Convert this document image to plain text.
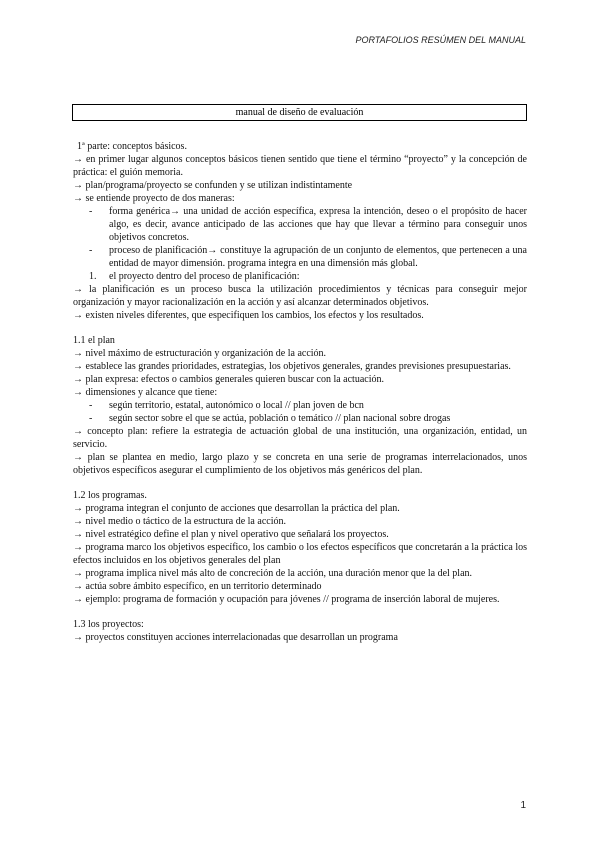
PORTAFOLIOS RESÚMEN DEL MANUAL
manual de diseño de evaluación

1ª parte: conceptos básicos.

→ en primer lugar algunos conceptos básicos tienen sentido que tiene el término “proyecto” y la concepción de práctica: el guión memoria.

→ plan/programa/proyecto se confunden y se utilizan indistintamente

→ se entiende proyecto de dos maneras:

- forma genérica→ una unidad de acción específica, expresa la intención, deseo o el propósito de hacer algo, es decir, avance anticipado de las acciones que hay que llevar a término para conseguir unos objetivos concretos.
- proceso de planificación→ constituye la agrupación de un conjunto de elementos, que pertenecen a una entidad de mayor dimensión. programa integra en una dimensión más global.
1. el proyecto dentro del proceso de planificación:

→ la planificación es un proceso busca la utilización procedimientos y técnicas para conseguir mejor organización y mayor racionalización en la acción y así alcanzar determinados objetivos.

→ existen niveles diferentes, que especifiquen los cambios, los efectos y los resultados.

1.1 el plan

→ nivel máximo de estructuración y organización de la acción.

→ establece las grandes prioridades, estrategias, los objetivos generales, grandes previsiones presupuestarias.

→ plan expresa: efectos o cambios generales quieren buscar con la actuación.

→ dimensiones y alcance que tiene:

- según territorio, estatal, autonómico o local // plan joven de bcn
- según sector sobre el que se actúa, población o temático // plan nacional sobre drogas

→ concepto plan: refiere la estrategia de actuación global de una institución, una organización, entidad, un servicio.

→ plan se plantea en medio, largo plazo y se concreta en una serie de programas interrelacionados, unos objetivos específicos asegurar el cumplimiento de los objetivos más genéricos del plan.

1.2 los programas.

→ programa integran el conjunto de acciones que desarrollan la práctica del plan.

→ nivel medio o táctico de la estructura de la acción.

→ nivel estratégico define el plan y nivel operativo que señalará los proyectos.

→ programa marco los objetivos específico, los cambio o los efectos específicos que concretarán a la práctica los efectos incluidos en los objetivos generales del plan

→ programa implica nivel más alto de concreción de la acción, una duración menor que la del plan.

→ actúa sobre ámbito específico, en un territorio determinado

→ ejemplo: programa de formación y ocupación para jóvenes // programa de inserción laboral de mujeres.

1.3 los proyectos:

→ proyectos constituyen acciones interrelacionadas que desarrollan un programa

1
